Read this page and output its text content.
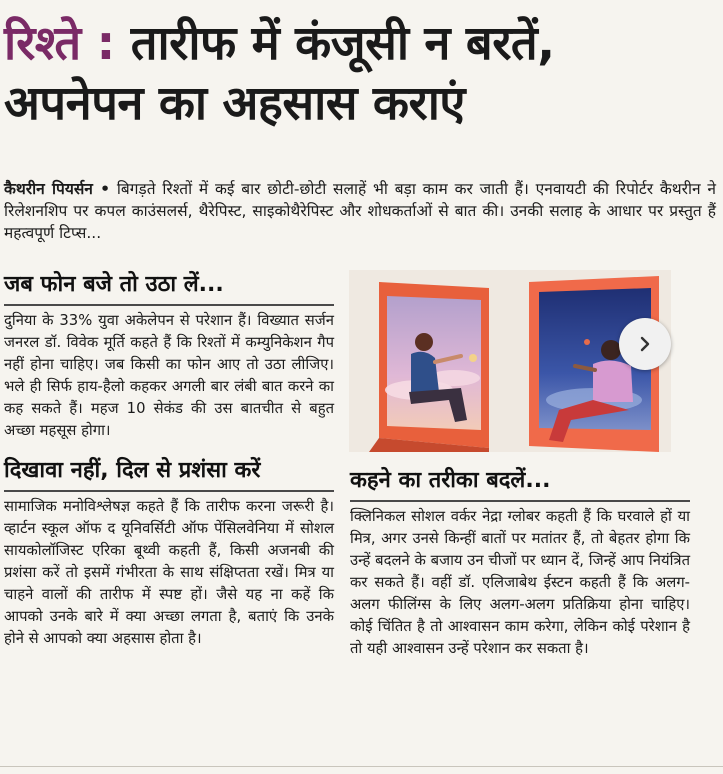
रिश्ते : तारीफ में कंजूसी न बरतें,
अपनेपन का अहसास कराएं
कैथरीन पियर्सन • बिगड़ते रिश्तों में कई बार छोटी-छोटी सलाहें भी बड़ा काम कर जाती हैं। एनवायटी की रिपोर्टर कैथरीन ने रिलेशनशिप पर कपल काउंसलर्स, थैरेपिस्ट, साइकोथैरेपिस्ट और शोधकर्ताओं से बात की। उनकी सलाह के आधार पर प्रस्तुत हैं महत्वपूर्ण टिप्स...
जब फोन बजे तो उठा लें...

दुनिया के 33% युवा अकेलेपन से परेशान हैं। विख्यात सर्जन जनरल डॉ. विवेक मूर्ति कहते हैं कि रिश्तों में कम्युनिकेशन गैप नहीं होना चाहिए। जब किसी का फोन आए तो उठा लीजिए। भले ही सिर्फ हाय-हैलो कहकर अगली बार लंबी बात करने का कह सकते हैं। महज 10 सेकंड की उस बातचीत से बहुत अच्छा महसूस होगा।

दिखावा नहीं, दिल से प्रशंसा करें

सामाजिक मनोविश्लेषज्ञ कहते हैं कि तारीफ करना जरूरी है। व्हार्टन स्कूल ऑफ द यूनिवर्सिटी ऑफ पेंसिलवेनिया में सोशल सायकोलॉजिस्ट एरिका बूथ्वी कहती हैं, किसी अजनबी की प्रशंसा करें तो इसमें गंभीरता के साथ संक्षिप्तता रखें। मित्र या चाहने वालों की तारीफ में स्पष्ट हों। जैसे यह ना कहें कि आपको उनके बारे में क्या अच्छा लगता है, बताएं कि उनके होने से आपको क्या अहसास होता है।

कहने का तरीका बदलें...

क्लिनिकल सोशल वर्कर नेद्रा ग्लोबर कहती हैं कि घरवाले हों या मित्र, अगर उनसे किन्हीं बातों पर मतांतर हैं, तो बेहतर होगा कि उन्हें बदलने के बजाय उन चीजों पर ध्यान दें, जिन्हें आप नियंत्रित कर सकते हैं। वहीं डॉ. एलिजाबेथ ईस्टन कहती हैं कि अलग-अलग फीलिंग्स के लिए अलग-अलग प्रतिक्रिया होना चाहिए। कोई चिंतित है तो आश्वासन काम करेगा, लेकिन कोई परेशान है तो यही आश्वासन उन्हें परेशान कर सकता है।
